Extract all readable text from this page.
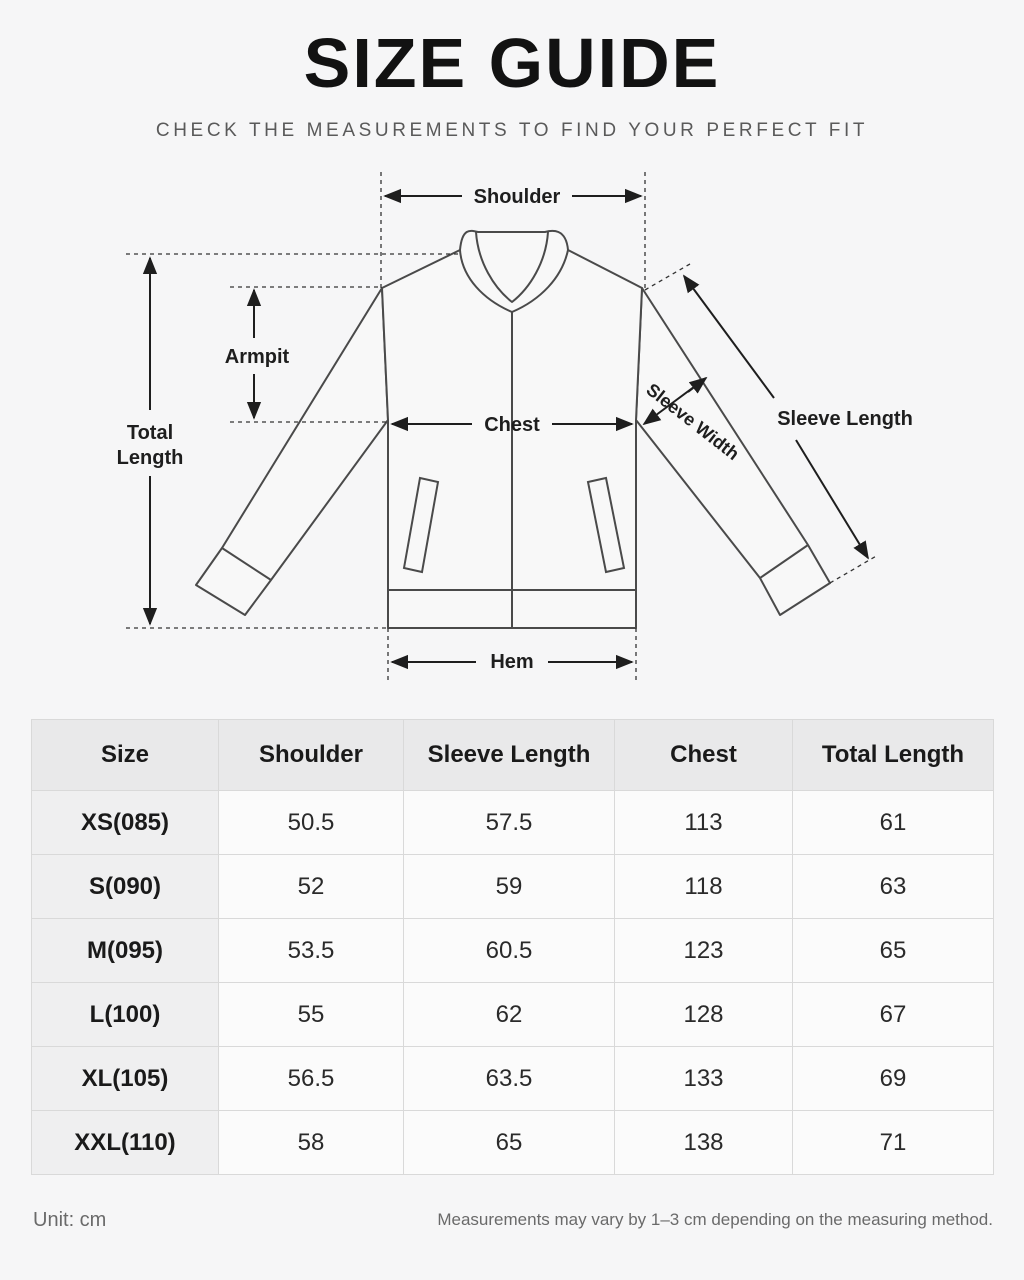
SIZE GUIDE
CHECK THE MEASUREMENTS TO FIND YOUR PERFECT FIT
Shoulder
Armpit
Total
Length
Chest	Sleeve Width Sleeve Length
Hem
Size	Shoulder	Sleeve Length	Chest	Total Length
XS(085)	50.5	57.5	113	61
S(090)	52	59	118	63
M(095)	53.5	60.5	123	65
L(100)	55	62	128	67
XL(105)	56.5	63.5	133	69
XXL(110)	58	65	138	71
Unit: cm	Measurements may vary by 1–3 cm depending on the measuring method.
